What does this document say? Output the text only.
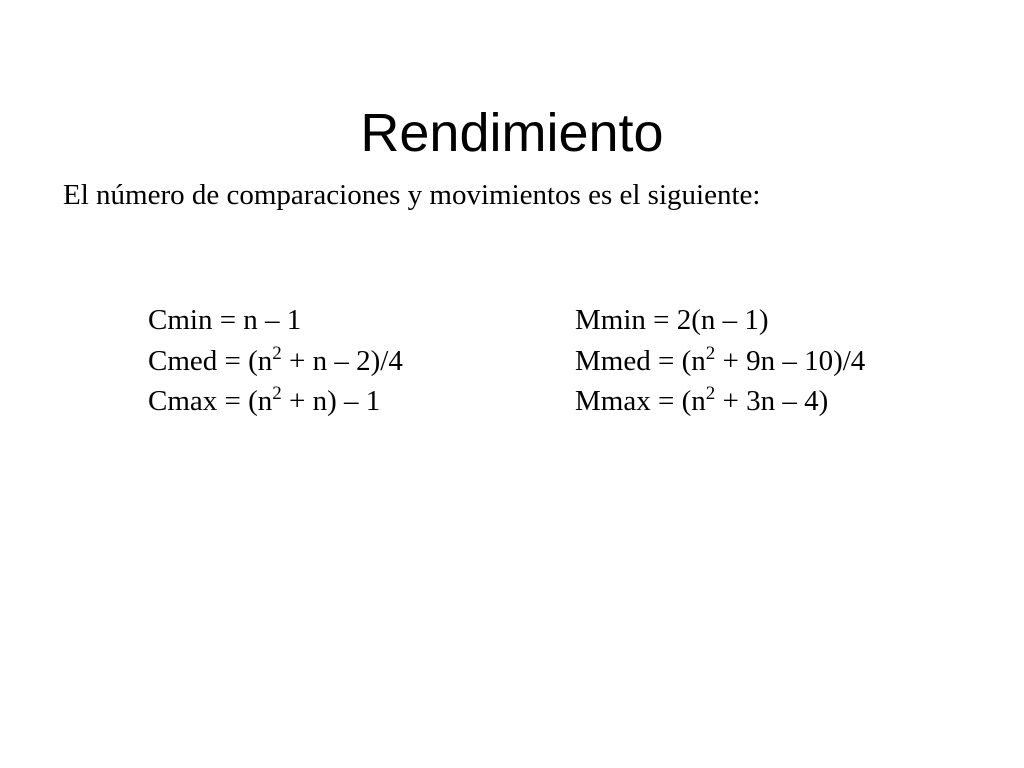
Rendimiento
El número de comparaciones y movimientos es el siguiente:
Cmin = n – 1
Cmed = $(n^2 + n - 2)/4$
$Cmax = (n^2 + n) - 1$
Mmin = 2(n – 1)
Mmed = $(n^2 + 9n - 10)/4$
$Mmax = (n^2 + 3n - 4)$
